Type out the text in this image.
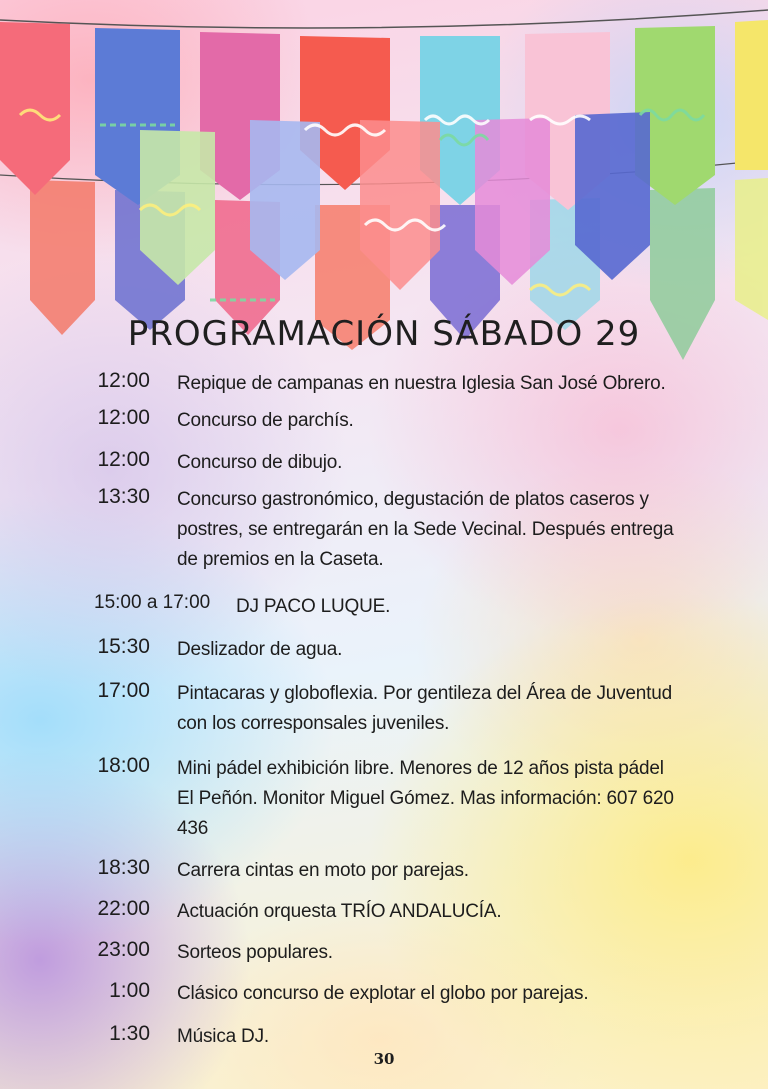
PROGRAMACIÓN SÁBADO 29
12:00 Repique de campanas en nuestra Iglesia San José Obrero.
12:00 Concurso de parchís.
12:00 Concurso de dibujo.
13:30 Concurso gastronómico, degustación de platos caseros y postres, se entregarán en la Sede Vecinal. Después entrega de premios en la Caseta.
15:00 a 17:00 DJ PACO LUQUE.
15:30 Deslizador de agua.
17:00 Pintacaras y globoflexia. Por gentileza del Área de Juventud con los corresponsales juveniles.
18:00 Mini pádel exhibición libre. Menores de 12 años pista pádel El Peñón. Monitor Miguel Gómez. Mas información: 607 620 436
18:30 Carrera cintas en moto por parejas.
22:00 Actuación orquesta TRÍO ANDALUCÍA.
23:00 Sorteos populares.
1:00 Clásico concurso de explotar el globo por parejas.
1:30 Música DJ.
30
